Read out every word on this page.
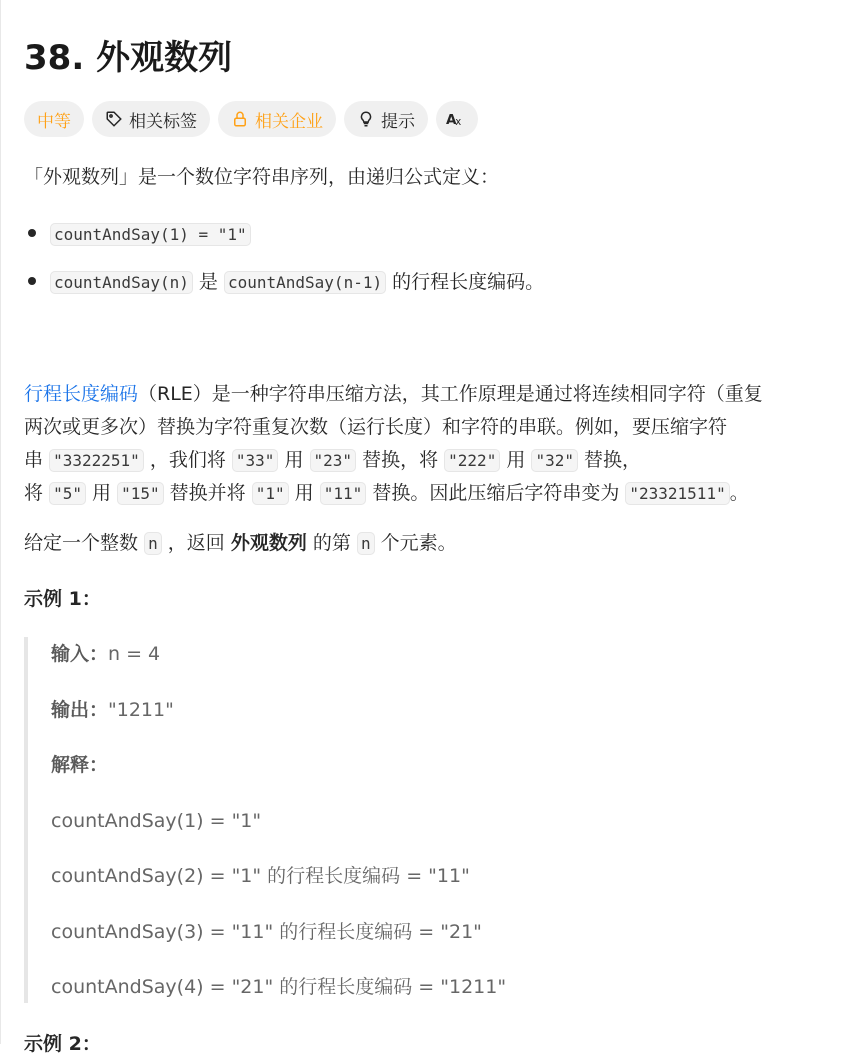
38. 外观数列
中等	相关标签	相关企业	提示 A
x
「外观数列」是一个数位字符串序列，由递归公式定义：
countAndSay(1) = "1"
countAndSay(n) 是 countAndSay(n-1) 的行程长度编码。
行程长度编码（RLE）是一种字符串压缩方法，其工作原理是通过将连续相同字符（重复
两次或更多次）替换为字符重复次数（运行长度）和字符的串联。例如，要压缩字符
串 "3322251" ，我们将 "33" 用 "23" 替换，将 "222" 用 "32" 替换，
将 "5" 用 "15" 替换并将 "1" 用 "11" 替换。因此压缩后字符串变为 "23321511" 。
给定一个整数 n ，返回 外观数列 的第 n 个元素。
示例 1：
输入：n = 4
输出："1211"
解释：
countAndSay(1) = "1"
countAndSay(2) = "1" 的行程长度编码 = "11"
countAndSay(3) = "11" 的行程长度编码 = "21"
countAndSay(4) = "21" 的行程长度编码 = "1211"
示例 2：
